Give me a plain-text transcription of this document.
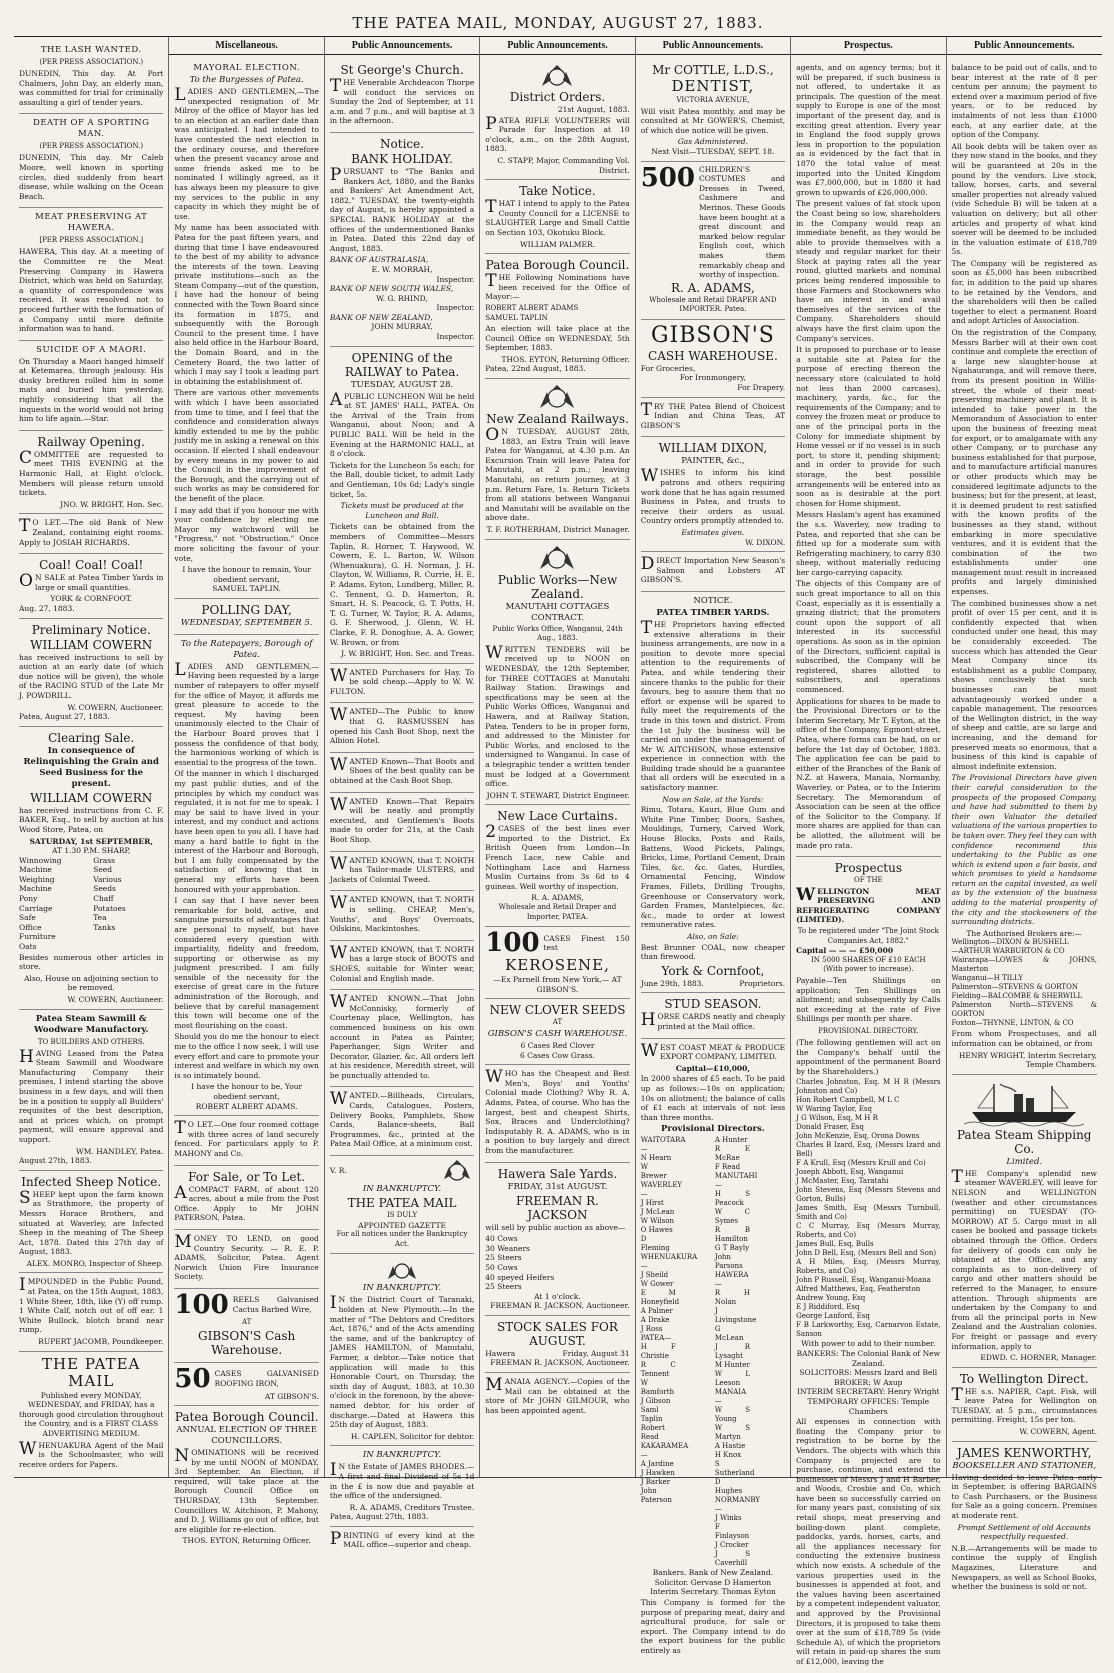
THE PATEA MAIL, MONDAY, AUGUST 27, 1883.
THE LASH WANTED.
(PER PRESS ASSOCIATION.)
DUNEDIN, This day. At Port Chalmers, John Day, an elderly man, was committed for trial for criminally assaulting a girl of tender years.
DEATH OF A SPORTING MAN.
(PER PRESS ASSOCIATION.)
DUNEDIN, This day. Mr Caleb Moore, well known in sporting circles, died suddenly from heart disease, while walking on the Ocean Beach.
MEAT PRESERVING AT HAWERA.
[PER PRESS ASSOCIATION.]
HAWERA, This day. At a meeting of the Committee re the Meat Preserving Company in Hawera District, which was held on Saturday, a quantity of correspondence was received. It was resolved not to proceed further with the formation of a Company until more definite information was to hand.
SUICIDE OF A MAORI.
On Thursday a Maori hanged himself at Ketemarea, through jealousy. His dusky brethren rolled him in some mats and buried him yesterday, rightly considering that all the inquests in the world would not bring him to life again.—Star.
Railway Opening.
COMMITTEE are requested to meet THIS EVENING at the Harmonic Hall, at Eight o'clock. Members will please return unsold tickets.
JNO. W. BRIGHT, Hon. Sec.
TO LET.—The old Bank of New Zealand, containing eight rooms. Apply to JOSIAH RICHARDS.
Coal! Coal! Coal!
ON SALE at Patea Timber Yards in large or small quantities.
YORK & CORNFOOT.
Aug. 27, 1883.
Preliminary Notice.
WILLIAM COWERN
has received instructions to sell by auction at an early date (of which due notice will be given), the whole of the RACING STUD of the Late Mr J. POWDRILL.
W. COWERN, Auctioneer.
Patea, August 27, 1883.
Clearing Sale.
In consequence of Relinquishing the Grain and Seed Business for the present.
WILLIAM COWERN
has received instructions from C. F. BAKER, Esq., to sell by auction at his Wood Store, Patea, on
SATURDAY, 1st SEPTEMBER,
AT 1.30 P.M. SHARP,
Winnowing Machine
Weighing Machine
Pony Carriage
Safe
Office Furniture
Oats
Grass Seed
Various Seeds
Chaff
Potatoes
Tea
Tanks
Besides numerous other articles in store.
Also, House on adjoining section to be removed.
W. COWERN, Auctioneer.
Patea Steam Sawmill & Woodware Manufactory.
TO BUILDERS AND OTHERS.
HAVING Leased from the Patea Steam Sawmill and Woodware Manufacturing Company their premises, I intend starting the above business in a few days, and will then be in a position to supply all Builders' requisites of the best description, and at prices which, on prompt payment, will ensure approval and support.
WM. HANDLEY, Patea.
August 27th, 1883.
Infected Sheep Notice.
SHEEP kept upon the farm known as Strathmore, the property of Messrs Horace Brothers, and situated at Waverley, are Infected Sheep in the meaning of The Sheep Act, 1878. Dated this 27th day of August, 1883.
ALEX. MONRO, Inspector of Sheep.
IMPOUNDED in the Public Pound, at Patea, on the 15th August, 1883, 1 White Steer, 18th, like (Y) off rump. 1 White Calf, notch out of off ear. 1 White Bullock, blotch brand near rump.
RUPERT JACOMB, Poundkeeper.
THE PATEA MAIL
Published every MONDAY, WEDNESDAY, and FRIDAY, has a thorough good circulation throughout the Country, and is a FIRST CLASS ADVERTISING MEDIUM.
WHENUAKURA Agent of the Mail is the Schoolmaster, who will receive orders for Papers.
Miscellaneous.
MAYORAL ELECTION.
To the Burgesses of Patea.
LADIES AND GENTLEMEN,—The unexpected resignation of Mr Milroy of the office of Mayor has led to an election at an earlier date than was anticipated. I had intended to have contested the next election in the ordinary course, and therefore when the present vacancy arose and some friends asked me to be nominated I willingly agreed, as it has always been my pleasure to give my services to the public in any capacity in which they might be of use.
My name has been associated with Patea for the past fifteen years, and during that time I have endeavoured to the best of my ability to advance the interests of the town. Leaving private institutions—such as the Steam Company—out of the question, I have had the honour of being connected with the Town Board since its formation in 1875, and subsequently with the Borough Council to the present time. I have also held office in the Harbour Board, the Domain Board, and in the Cemetery Board, the two latter of which I may say I took a leading part in obtaining the establishment of.
There are various other movements with which I have been associated from time to time, and I feel that the confidence and consideration always kindly extended to me by the public justify me in asking a renewal on this occasion. If elected I shall endeavour by every means in my power to aid the Council in the improvement of the Borough, and the carrying out of such works as may be considered for the benefit of the place.
I may add that if you honour me with your confidence by electing me Mayor my watchword will be "Progress," not "Obstruction." Once more soliciting the favour of your vote,
I have the honour to remain, Your obedient servant,
SAMUEL TAPLIN.
POLLING DAY,
WEDNESDAY, SEPTEMBER 5.
To the Ratepayers, Borough of Patea.
LADIES AND GENTLEMEN,—Having been requested by a large number of ratepayers to offer myself for the office of Mayor, it affords me great pleasure to accede to the request. My having been unanimously elected to the Chair of the Harbour Board proves that I possess the confidence of that body, the harmonious working of which is essential to the progress of the town.
Of the manner in which I discharged my past public duties, and of the principles by which my conduct was regulated, it is not for me to speak. I may be said to have lived in your interest, and my conduct and actions have been open to you all. I have had many a hard battle to fight in the interest of the Harbour and Borough, but I am fully compensated by the satisfaction of knowing that in general my efforts have been honoured with your approbation.
I can say that I have never been remarkable for bold, active, and sanguine pursuits of advantages that are personal to myself, but have considered every question with impartiality, fidelity and freedom, supporting or otherwise as my judgment prescribed. I am fully sensible of the necessity for the exercise of great care in the future administration of the Borough, and believe that by careful management this town will become one of the most flourishing on the coast.
Should you do me the honour to elect me to the office I now seek, I will use every effort and care to promote your interest and welfare in which my own is so intimately bound.
I have the honour to be, Your obedient servant,
ROBERT ALBERT ADAMS.
TO LET.—One four roomed cottage with three acres of land securely fenced. For particulars apply to P. MAHONY and Co.
For Sale, or To Let.
ACOMPACT FARM, of about 120 acres, about a mile from the Post Office. Apply to Mr JOHN PATERSON, Patea.
MONEY TO LEND, on good Country Security. — R. E. P. ADAMS, Solicitor, Patea. Agent Norwich Union Fire Insurance Society.
100 REELS Galvanised Cactus Barbed Wire,
AT
GIBSON'S Cash Warehouse.
50 CASES GALVANISED ROOFING IRON,
AT GIBSON'S.
Patea Borough Council.
ANNUAL ELECTION OF THREE COUNCILLORS.
NOMINATIONS will be received by me until NOON of MONDAY, 3rd September. An Election, if required, will take place at the Borough Council Office on THURSDAY, 13th September. Councillors W. Aitchison, P. Mahony, and D. J. Williams go out of office, but are eligible for re-election.
THOS. EYTON, Returning Officer.
Public Announcements.
St George's Church.
THE Venerable Archdeacon Thorpe will conduct the services on Sunday the 2nd of September, at 11 a.m. and 7 p.m., and will baptise at 3 in the afternoon.
Notice.
BANK HOLIDAY.
PURSUANT to "The Banks and Bankers Act, 1880, and the Banks and Bankers' Act Amendment Act, 1882," TUESDAY, the twenty-eighth day of August, is hereby appointed a SPECIAL BANK HOLIDAY at the offices of the undermentioned Banks in Patea. Dated this 22nd day of August, 1883.
BANK OF AUSTRALASIA,
E. W. MORRAH,
Inspector.
BANK OF NEW SOUTH WALES,
W. G. RHIND,
Inspector.
BANK OF NEW ZEALAND,
JOHN MURRAY,
Inspector.
OPENING of the RAILWAY to Patea.
TUESDAY, AUGUST 28.
APUBLIC LUNCHEON Will be held at ST. JAMES' HALL, PATEA. On the Arrival of the Train from Wanganui, about Noon; and A PUBLIC BALL Will be held in the Evening at the HARMONIC HALL, at 8 o'clock.
Tickets for the Luncheon 5s each; for the Ball, double ticket, to admit Lady and Gentleman, 10s 6d; Lady's single ticket, 5s.
Tickets must be produced at the Luncheon and Ball.
Tickets can be obtained from the members of Committee—Messrs Taplin, R. Horner, T. Haywood, W. Cowern, E. L. Barton, W. Wilson (Whenuakura), G. H. Norman, J. H. Clayton, W. Williams, R. Currie, H. E. P. Adams, Eyton, Lundberg, Miller, R. C. Tennent, G. D. Hamerton, R. Smart, H. S. Peacock, G. T. Potts, H. T. G. Turner, W. Taylor, R. A. Adams, G. F. Sherwood, J. Glenn, W. H. Clarke, F. R. Donoghue, A. A. Gower, W. Brown, or from
J. W. BRIGHT, Hon. Sec. and Treas.
WANTED Purchasers for Hay. To be sold cheap.—Apply to W. W. FULTON.
WANTED—The Public to know that G. RASMUSSEN has opened his Cash Boot Shop, next the Albion Hotel.
WANTED Known—That Boots and Shoes of the best quality can be obtained at the Cash Boot Shop.
WANTED Known—That Repairs will be neatly and promptly executed, and Gentlemen's Boots made to order for 21s, at the Cash Boot Shop.
WANTED KNOWN, that T. NORTH has Tailor-made ULSTERS, and Jackets of Colonial Tweed.
WANTED KNOWN, that T. NORTH is selling, CHEAP, Men's, Youths', and Boys' Overcoats, Oilskins, Mackintoshes.
WANTED KNOWN, that T. NORTH has a large stock of BOOTS and SHOES, suitable for Winter wear, Colonial and English made.
WANTED KNOWN.—That John McConnisky, formerly of Courtenay place, Wellington, has commenced business on his own account in Patea as Painter, Paperhanger, Sign Writer and Decorator, Glazier, &c. All orders left at his residence, Meredith street, will be punctually attended to.
WANTED.—Billheads, Circulars, Cards, Catalogues, Posters, Delivery Books, Pamphlets, Show Cards, Balance-sheets, Ball Programmes, &c., printed at the Patea Mail Office, at a minimum cost.
V. R.
IN BANKRUPTCY.
THE PATEA MAIL
IS DULY
APPOINTED GAZETTE
For all notices under the Bankruptcy Act.
IN BANKRUPTCY.
IN the District Court of Taranaki, holden at New Plymouth.—In the matter of "The Debtors and Creditors Act, 1876," and of the Acts amending the same, and of the bankruptcy of JAMES HAMILTON, of Manutahi, Farmer, a debtor.—Take notice that application will made to this Honorable Court, on Thursday, the sixth day of August, 1883, at 10.30 o'clock in the forenoon, by the above-named debtor, for his order of discharge.—Dated at Hawera this 25th day of August, 1883.
H. CAPLEN, Solicitor for debtor.
IN BANKRUPTCY.
IN the Estate of JAMES RHODES.—A first and final Dividend of 5s 1d in the £ is now due and payable at the office of the undersigned.
R. A. ADAMS, Creditors Trustee.
Patea, August 27th, 1883.
PRINTING of every kind at the MAIL office—superior and cheap.
Public Announcements.
District Orders.
21st August, 1883.
PATEA RIFLE VOLUNTEERS will Parade for Inspection at 10 o'clock, a.m., on the 28th August, 1883.
C. STAPP, Major, Commanding Vol. District.
Take Notice.
THAT I intend to apply to the Patea County Council for a LICENSE to SLAUGHTER Large and Small Cattle on Section 103, Okotuku Block.
WILLIAM PALMER.
Patea Borough Council.
THE Following Nominations have been received for the Office of Mayor:—
ROBERT ALBERT ADAMS
SAMUEL TAPLIN
An election will take place at the Council Office on WEDNESDAY, 5th September, 1883.
THOS. EYTON, Returning Officer.
Patea, 22nd August, 1883.
New Zealand Railways.
ON TUESDAY, AUGUST 28th, 1883, an Extra Train will leave Patea for Wanganui, at 4.30 p.m. An Excursion Train will leave Patea for Manutahi, at 2 p.m.; leaving Manutahi, on return journey, at 3 p.m. Return Fare, 1s. Return Tickets from all stations between Wanganui and Manutahi will be available on the above date.
T. F. ROTHERHAM, District Manager.
Public Works—New Zealand.
MANUTAHI COTTAGES CONTRACT.
Public Works Office, Wanganui, 24th Aug., 1883.
WRITTEN TENDERS will be received up to NOON on WEDNESDAY, the 12th September, for THREE COTTAGES at Manutahi Railway Station. Drawings and specifications may be seen at the Public Works Offices, Wanganui and Hawera, and at Railway Station, Patea. Tenders to be in proper form, and addressed to the Minister for Public Works, and enclosed to the undersigned to Wanganui. In case of a telegraphic tender a written tender must be lodged at a Government office.
JOHN T. STEWART, District Engineer.
New Lace Curtains.
2CASES of the best lines ever imported to the District. Ex British Queen from London—In French Lace, new Cable and Nottingham Lace and Harness Muslin Curtains from 3s 6d to 4 guineas. Well worthy of inspection.
R. A. ADAMS,
Wholesale and Retail Draper and Importer, PATEA.
100 CASES Finest 150 test
KEROSENE,
—Ex Parnell from New York,— AT GIBSON'S.
NEW CLOVER SEEDS
AT
GIBSON'S CASH WAREHOUSE.
6 Cases Red Clover
6 Cases Cow Grass.
WHO has the Cheapest and Best Men's, Boys' and Youths' Colonial made Clothing? Why R. A. Adams, Patea, of course. Who has the largest, best and cheapest Shirts, Sox, Braces and Underclothing? Indisputably R. A. ADAMS, who is in a position to buy largely and direct from the manufacturer.
Hawera Sale Yards.
FRIDAY, 31st AUGUST.
FREEMAN R. JACKSON
will sell by public auction as above—
40 Cows
30 Weaners
25 Steers
50 Cows
40 speyed Heifers
25 Steers
At 1 o'clock.
FREEMAN R. JACKSON, Auctioneer.
STOCK SALES FOR AUGUST.
Hawera	Friday, August 31
FREEMAN R. JACKSON, Auctioneer.
MANAIA AGENCY.—Copies of the Mail can be obtained at the store of Mr JOHN GILMOUR, who has been appointed agent.
Public Announcements.
Mr COTTLE, L.D.S.,
DENTIST,
VICTORIA AVENUE,
Will visit Patea monthly, and may be consulted at Mr GOWER'S, Chemist, of which due notice will be given.
Gas Administered.
Next Visit—TUESDAY, SEPT. 18.
500 CHILDREN'S COSTUMES and Dresses in Tweed, Cashmere and Merinos. These Goods have been bought at a great discount and marked below regular English cost, which makes them remarkably cheap and worthy of inspection.
R. A. ADAMS,
Wholesale and Retail DRAPER AND IMPORTER. Patea.
GIBSON'S
CASH WAREHOUSE.
For Groceries,
For Ironmongery,
For Drapery.
TRY THE Patea Blend of Choicest Indian and China Teas, AT GIBSON'S
WILLIAM DIXON,
PAINTER, &c.,
WISHES to inform his kind patrons and others requiring work done that he has again resumed Business in Patea, and trusts to receive their orders as usual. Country orders promptly attended to.
Estimates given.
W. DIXON.
DIRECT Importation New Season's Salmon and Lobsters AT GIBSON'S.
NOTICE.
PATEA TIMBER YARDS.
THE Proprietors having effected extensive alterations in their business arrangements, are now in a position to devote more special attention to the requirements of Patea, and while tendering their sincere thanks to the public for their favours, beg to assure them that no effort or expense will be spared to fully meet the requirements of the trade in this town and district. From the 1st July the business will be carried on under the management of Mr W. AITCHISON, whose extensive experience in connection with the Building trade should be a guarantee that all orders will be executed in a satisfactory manner.
Now on Sale, at the Yards:
Rimu, Totara, Kauri, Blue Gum and White Pine Timber, Doors, Sashes, Mouldings, Turnery, Carved Work, House Blocks, Posts and Rails, Battens, Wood Pickets, Palings, Bricks, Lime, Portland Cement, Drain Tiles, &c. &c. Gates, Hurdles, Ornamental Fencing, Window Frames, Fillets, Drilling Troughs, Greenhouse or Conservatory work, Garden Frames, Mantelpieces, &c. &c., made to order at lowest remunerative rates.
Also, on Sale:
Best Brunner COAL, now cheaper than firewood.
York & Cornfoot,
June 29th, 1883.	Proprietors.
STUD SEASON.
HORSE CARDS neatly and cheaply printed at the Mail office.
WEST COAST MEAT & PRODUCE EXPORT COMPANY, LIMITED.
Capital—£10,000,
In 2000 shares of £5 each. To be paid up as follows:—10s on application; 10s on allotment; the balance of calls of £1 each at intervals of not less than three months.
Provisional Directors.
WAITOTARA—
N Hearn
W Brewer
WAVERLEY—
J Hirst
J McLean
W Wilson
O Hawes
D Fleming
WHENUAKURA—
J Sheild
W Gower
E M Honeyfield
A Palmer
A Drake
J Ross
PATEA—
H F Christie
R C Tennent
W Bamforth
J Gibson
Saml Taplin
Robert Read
KAKARAMEA—
A Jardine
J Hawken
J Barker
John Paterson
A Hunter
R E McRae
F Read
MANUTAHI—
H S Peacock
W C Symes
R B Hamilton
G T Bayly
John Parsons
HAWERA—
R H Nolan
J Livingstone
G McLean
J R Lysaght
M Hunter
W L Leeson
MANAIA—
W S Young
W S Martyn
A Hastie
H Knox
S Sutherland
D Hughes
NORMANBY—
J Winks
F Finlayson
J Crocker
J S Caverhill
Bankers. Bank of New Zealand.
Solicitor. Gervase D Hamerton
Interim Secretary. Thomas Eyton
This Company is formed for the purpose of preparing meat, dairy and agricultural produce, for sale or export. The Company intend to do the export business for the public entirely as
Prospectus.
agents, and on agency terms; but it will be prepared, if such business is not offered, to undertake it as principals. The question of the meat supply to Europe is one of the most important of the present day, and is exciting great attention. Every year in England the food supply grows less in proportion to the population as is evidenced by the fact that in 1870 the total value of meat imported into the United Kingdom was £7,000,000, but in 1880 it had grown to upwards of £26,000,000.
The present values of fat stock upon the Coast being so low, shareholders in the Company would reap an immediate benefit, as they would be able to provide themselves with a steady and regular market for their Stock at paying rates all the year round, glutted markets and nominal prices being rendered impossible to those Farmers and Stockowners who have an interest in and avail themselves of the services of the Company. Shareholders should always have the first claim upon the Company's services.
It is proposed to purchase or to lease a suitable site at Patea for the purpose of erecting thereon the necessary store (calculated to hold not less than 2000 carcases), machinery, yards, &c., for the requirements of the Company; and to convey the frozen meat or produce to one of the principal ports in the Colony for immediate shipment by Home vessel or if no vessel is in such port, to store it, pending shipment; and in order to provide for such storage, the best possible arrangements will be entered into as soon as is desirable at the port chosen for Home shipment.
Messrs Haslam's agent has examined the s.s. Waverley, now trading to Patea, and reported that she can be fitted up for a moderate sum with Refrigerating machinery, to carry 830 sheep, without materially reducing her cargo-carrying capacity.
The objects of this Company are of such great importance to all on this Coast, especially as it is essentially a grazing district; that the promoters count upon the support of all interested in its successful operations. As soon as in the opinion of the Directors, sufficient capital is subscribed, the Company will be registered, shares allotted to subscribers, and operations commenced.
Applications for shares to be made to the Provisional Directors or to the Interim Secretary, Mr T. Eyton, at the office of the Company, Egmont-street, Patea, where forms can be had, on or before the 1st day of October, 1883. The application fee can be paid to either of the Branches of the Bank of N.Z. at Hawera, Manaia, Normanby, Waverley, or Patea, or to the Interim Secretary. The Memorandum of Association can be seen at the office of the Solicitor to the Company. If more shares are applied for than can be allotted, the allotment will be made pro rata.
Prospectus
OF THE
WELLINGTON MEAT PRESERVING AND REFRIGERATING COMPANY (LIMITED).
To be registered under "The Joint Stock Companies Act, 1882."
Capital — — — £50,000
IN 5000 SHARES OF £10 EACH
(With power to increase).
Payable—Ten Shillings on application; Ten Shillings on allotment; and subsequently by Calls not exceeding at the rate of Five Shillings per month per share.
PROVISIONAL DIRECTORY.
(The following gentlemen will act on the Company's behalf until the appointment of the permanent Board by the Shareholders.)
Charles Johnston, Esq. M H R (Messrs Johnston and Co)
Hon Robert Campbell, M L C
W Waring Taylor, Esq
J G Wilson, Esq, M H R
Donald Fraser, Esq
John McKenzie, Esq, Orona Downs
Charles B Izard, Esq, (Messrs Izard and Bell)
F A Krull, Esq (Messrs Krull and Co)
Joseph Abbott, Esq, Wanganui
J McMaster, Esq, Taratahi
John Stevens, Esq (Messrs Stevens and Gorton, Bulls)
James Smith, Esq (Messrs Turnbull, Smith and Co)
C C Murray, Esq (Messrs Murray, Roberts, and Co)
James Bull, Esq, Bulls
John D Bell, Esq, (Messrs Bell and Son)
A H Miles, Esq, (Messrs Murray, Roberts, and Co)
John P Russell, Esq, Wanganui-Moana
Alfred Matthews, Esq, Featherston
Andrew Young, Esq
E J Riddiford, Esq
George Lanford, Esq
F B Larkworthy, Esq, Carnarvon Estate, Sanson
With power to add to their number.
BANKERS: The Colonial Bank of New Zealand.
SOLICITORS: Messrs Izard and Bell
BROKER: W Axup
INTERIM SECRETARY: Henry Wright
TEMPORARY OFFICES: Temple Chambers
All expenses in connection with floating the Company prior to registration to be borne by the Vendors. The objects with which this Company is projected are to purchase, continue, and extend the businesses of Messrs J and H Barber, and Woods, Crosbie and Co, which have been so successfully carried on for many years past, consisting of six retail shops, meat preserving and boiling-down plant complete, paddocks, yards, horses, carts, and all the appliances necessary for conducting the extensive business which now exists. A schedule of the various properties used in the businesses is appended at foot, and the values having been ascertained by a competent independent valuator, and approved by the Provisional Directors, it is proposed to take them over at the sum of £18,789 5s (vide Schedule A), of which the proprietors will retain in paid-up shares the sum of £12,000, leaving the
Public Announcements.
balance to be paid out of calls, and to bear interest at the rate of 8 per centum per annum; the payment to extend over a maximum period of five years, or to be reduced by instalments of not less than £1000 each, at any earlier date, at the option of the Company.
All book debts will be taken over as they now stand in the books, and they will be guaranteed at 20s in the pound by the vendors. Live stock, tallow, horses, carts, and several smaller properties not already valued (vide Schedule B) will be taken at a valuation on delivery; but all other articles and property of what kind soever will be deemed to be included in the valuation estimate of £18,789 5s.
The Company will be registered as soon as £5,000 has been subscribed for, in addition to the paid up shares to be retained by the Vendors, and the shareholders will then be called together to elect a permanent Board and adopt Articles of Association.
On the registration of the Company, Messrs Barber will at their own cost continue and complete the erection of a large new slaughter-house at Ngahauranga, and will remove there, from its present position in Willis-street, the whole of their meat-preserving machinery and plant. It is intended to take power in the Memorandum of Association to enter upon the business of freezing meat for export, or to amalgamate with any other Company, or to purchase any business established for that purpose, and to manufacture artificial manures or other products which may be considered legitimate adjuncts to the business; but for the present, at least, it is deemed prudent to rest satisfied with the known profits of the businesses as they stand, without embarking in more speculative ventures, and it is evident that the combination of the two establishments under one management must result in increased profits and largely diminished expenses.
The combined businesses show a net profit of over 15 per cent, and it is confidently expected that when conducted under one head, this may be considerably exceeded. The success which has attended the Gear Meat Company since its establishment as a public Company, shows conclusively that such businesses can be most advantageously worked under a capable management. The resources of the Wellington district, in the way of sheep and cattle, are so large and increasing, and the demand for preserved meats so enormous, that a business of this kind is capable of almost indefinite extension.
The Provisional Directors have given their careful consideration to the prospects of the proposed Company, and have had submitted to them by their own Valuator the detailed valuations of the various properties to be taken over. They feel they can with confidence recommend this undertaking to the Public as one which is extend upon a fair basis, and which promises to yield a handsome return on the capital invested, as well as by the extension of the business adding to the material prosperity of the city and the stockowners of the surrounding districts.
The Authorised Brokers are:—
Wellington—DIXON & BUSHELL
—ARTHUR WARBURTON & CO
Wairarapa—LOWES & JOHNS, Masterton
Wanganui—H TILLY
Palmerston—STEVENS & GORTON
Fielding—BALCOMBE & SHERWILL
Palmerston North—STEVENS & GORTON
Foxton—THYNNE, LINTON, & CO
From whom Prospectuses, and all information can be obtained, or from
HENRY WRIGHT, Interim Secretary, Temple Chambers.
Patea Steam Shipping Co.
Limited.
THE Company's splendid new steamer WAVERLEY, will leave for NELSON and WELLINGTON (weather and other circumstances permitting) on TUESDAY (TO-MORROW) AT 5. Cargo must in all cases be booked and passage tickets obtained through the Office. Orders for delivery of goods can only be obtained at the Office, and any complaints as to non-delivery of cargo and other matters should be referred to the Manager, to ensure attention. Through shipments are undertaken by the Company to and from all the principal ports in New Zealand and the Australian colonies. For freight or passage and every information, apply to
EDWD. C. HORNER, Manager.
To Wellington Direct.
THE s.s. NAPIER, Capt. Fisk, will leave Patea for Wellington on TUESDAY, at 5 p.m., circumstances permitting. Freight, 15s per ton.
W. COWERN, Agent.
JAMES KENWORTHY,
BOOKSELLER AND STATIONER,
Having decided to leave Patea early in September, is offering BARGAINS to Cash Purchasers, or the Business for Sale as a going concern. Premises at moderate rent.
Prompt Settlement of old Accounts respectfully requested.
N.B.—Arrangements will be made to continue the supply of English Magazines, Literature and Newspapers, as well as School Books, whether the business is sold or not.
